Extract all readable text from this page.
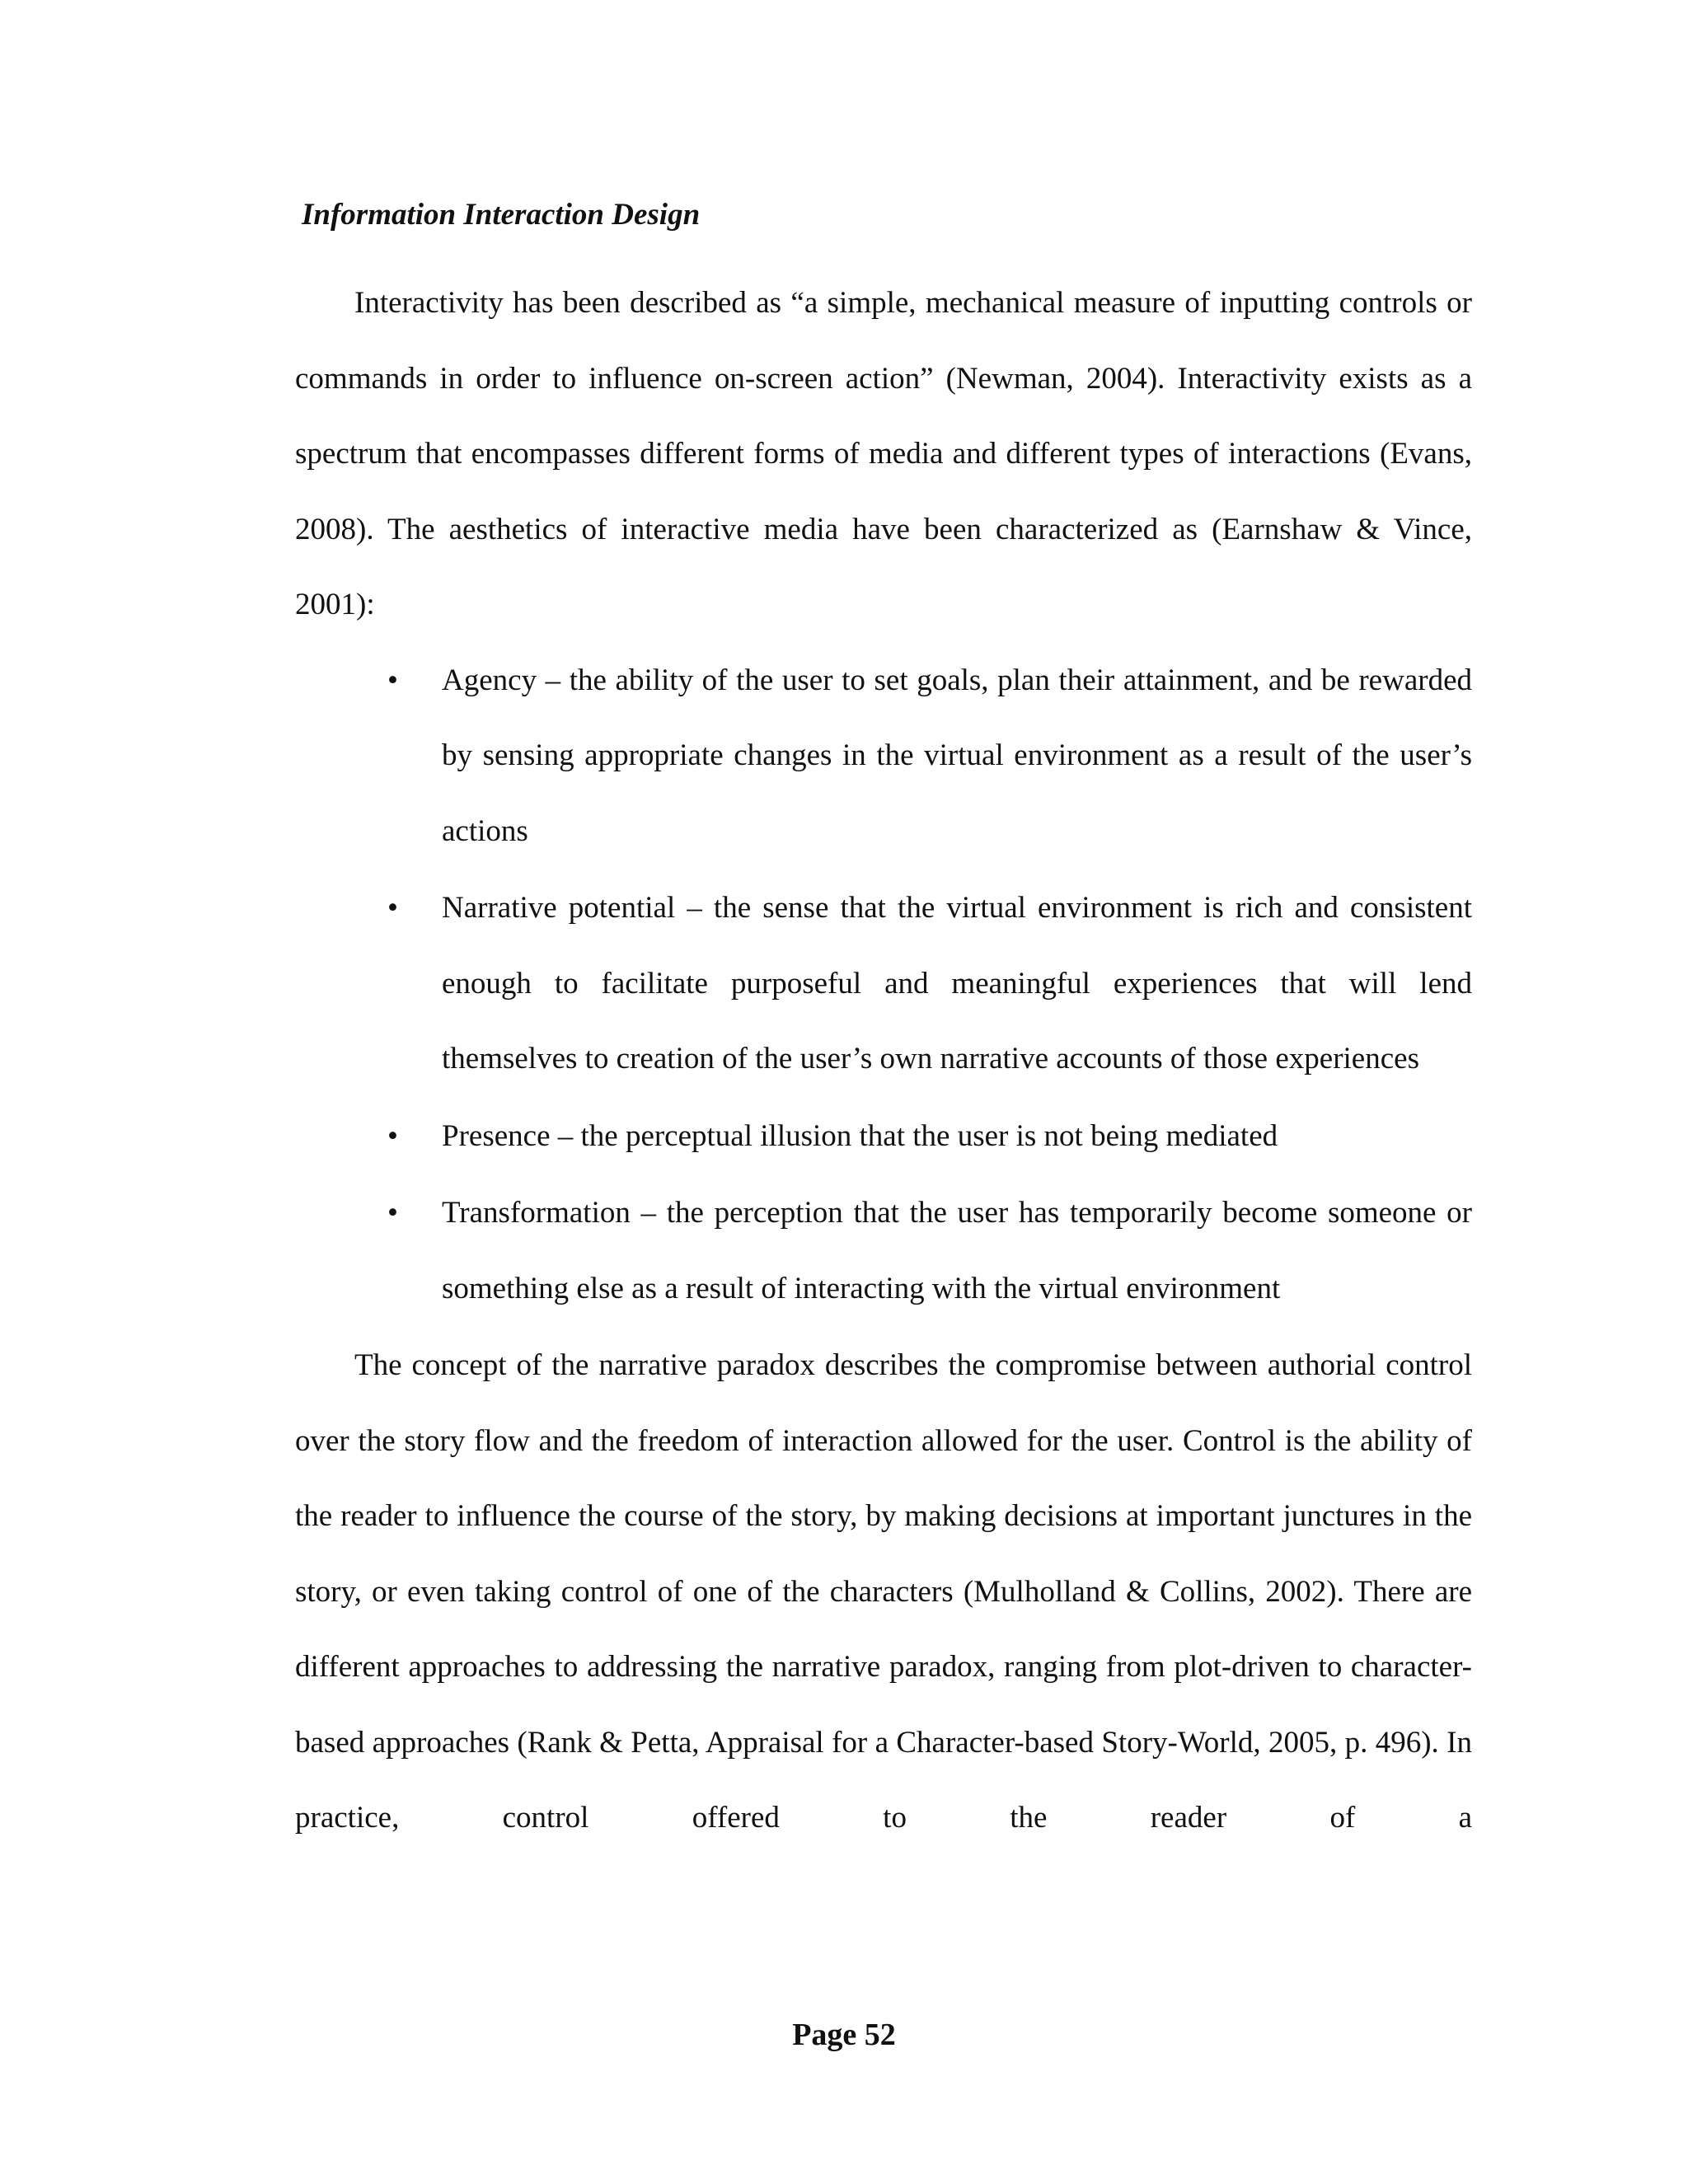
Information Interaction Design

Interactivity has been described as “a simple, mechanical measure of inputting controls or commands in order to influence on-screen action” (Newman, 2004). Interactivity exists as a spectrum that encompasses different forms of media and different types of interactions (Evans, 2008). The aesthetics of interactive media have been characterized as (Earnshaw & Vince, 2001):

• Agency – the ability of the user to set goals, plan their attainment, and be rewarded by sensing appropriate changes in the virtual environment as a result of the user’s actions
• Narrative potential – the sense that the virtual environment is rich and consistent enough to facilitate purposeful and meaningful experiences that will lend themselves to creation of the user’s own narrative accounts of those experiences
• Presence – the perceptual illusion that the user is not being mediated
• Transformation – the perception that the user has temporarily become someone or something else as a result of interacting with the virtual environment

The concept of the narrative paradox describes the compromise between authorial control over the story flow and the freedom of interaction allowed for the user. Control is the ability of the reader to influence the course of the story, by making decisions at important junctures in the story, or even taking control of one of the characters (Mulholland & Collins, 2002). There are different approaches to addressing the narrative paradox, ranging from plot-driven to character-based approaches (Rank & Petta, Appraisal for a Character-based Story-World, 2005, p. 496). In practice, control offered to the reader of a

Page 52
